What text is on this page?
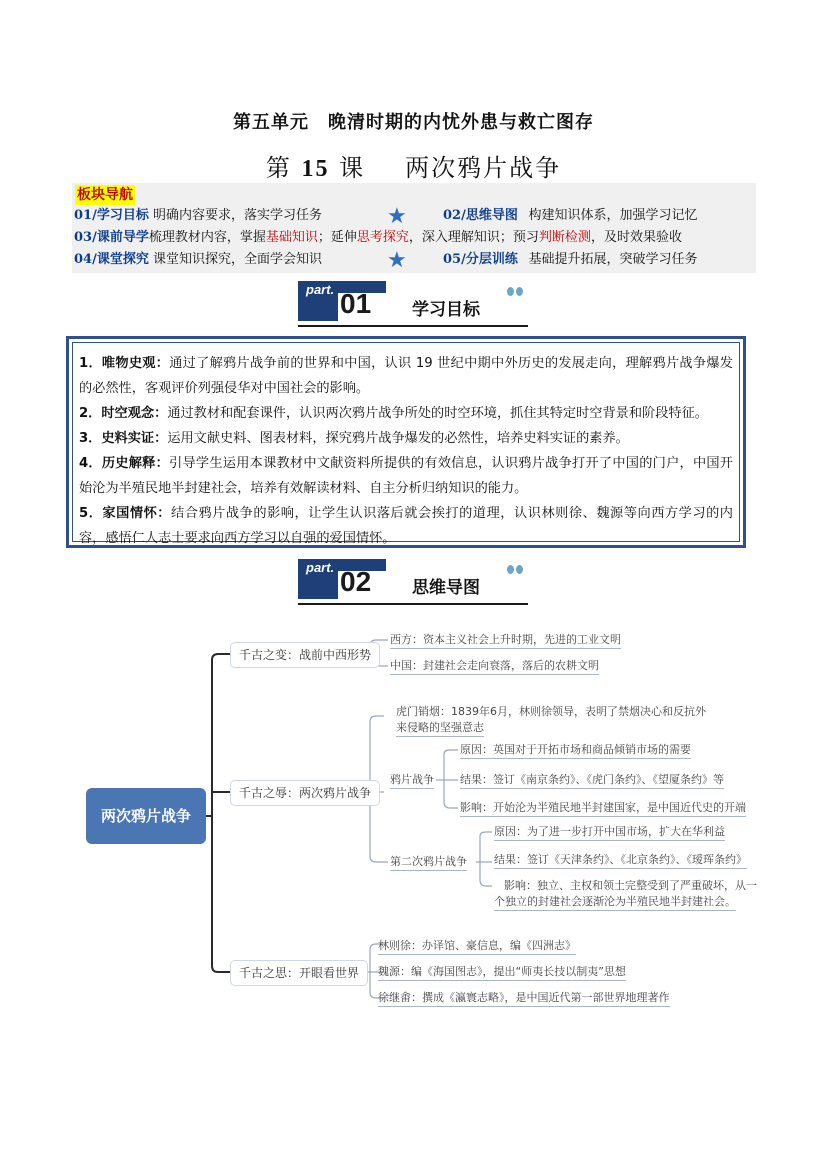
第五单元　晚清时期的内忧外患与救亡图存
第 15 课   两次鸦片战争
板块导航
01/学习目标 明确内容要求，落实学习任务	★	02/思维导图  构建知识体系，加强学习记忆
03/课前导学梳理教材内容，掌握基础知识；延伸思考探究，深入理解知识；预习判断检测，及时效果验收
04/课堂探究 课堂知识探究，全面学会知识	★	05/分层训练  基础提升拓展，突破学习任务
part. 01 学习目标
1．唯物史观：通过了解鸦片战争前的世界和中国，认识 19 世纪中期中外历史的发展走向，理解鸦片战争爆发的必然性，客观评价列强侵华对中国社会的影响。
2．时空观念：通过教材和配套课件，认识两次鸦片战争所处的时空环境，抓住其特定时空背景和阶段特征。
3．史料实证：运用文献史料、图表材料，探究鸦片战争爆发的必然性，培养史料实证的素养。
4．历史解释：引导学生运用本课教材中文献资料所提供的有效信息，认识鸦片战争打开了中国的门户，中国开始沦为半殖民地半封建社会，培养有效解读材料、自主分析归纳知识的能力。
5．家国情怀：结合鸦片战争的影响，让学生认识落后就会挨打的道理，认识林则徐、魏源等向西方学习的内容，感悟仁人志士要求向西方学习以自强的爱国情怀。
part. 02 思维导图
两次鸦片战争
千古之变：战前中西形势
西方：资本主义社会上升时期，先进的工业文明
中国：封建社会走向衰落，落后的农耕文明
千古之辱：两次鸦片战争
虎门销烟：1839年6月，林则徐领导，表明了禁烟决心和反抗外
来侵略的坚强意志
鸦片战争
原因：英国对于开拓市场和商品倾销市场的需要
结果：签订《南京条约》、《虎门条约》、《望厦条约》等
影响：开始沦为半殖民地半封建国家，是中国近代史的开端
第二次鸦片战争
原因：为了进一步打开中国市场，扩大在华利益
结果：签订《天津条约》、《北京条约》、《瑷珲条约》
影响：独立、主权和领土完整受到了严重破坏，从一
个独立的封建社会逐渐沦为半殖民地半封建社会。
千古之思：开眼看世界
林则徐：办译馆、豪信息，编《四洲志》
魏源：编《海国图志》，提出“师夷长技以制夷”思想
徐继畬：撰成《瀛寰志略》，是中国近代第一部世界地理著作
